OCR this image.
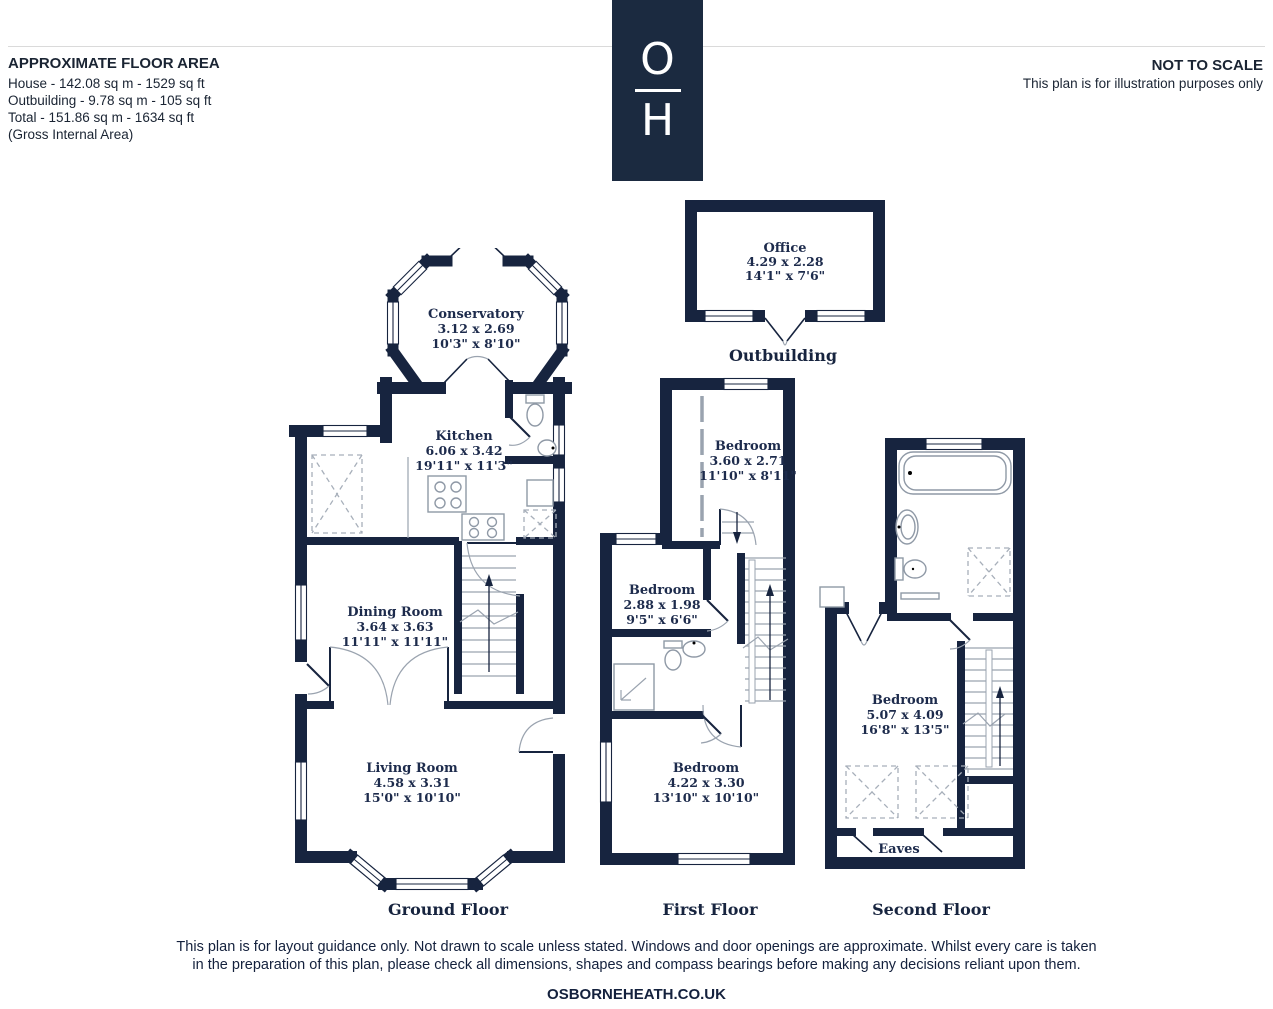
APPROXIMATE FLOOR AREA
House - 142.08 sq m - 1529 sq ft
Outbuilding - 9.78 sq m - 105 sq ft
Total - 151.86 sq m - 1634 sq ft
(Gross Internal Area)
NOT TO SCALE
This plan is for illustration purposes only
O
H
Office
4.29 x 2.28
14'1" x 7'6"
Outbuilding
Conservatory
3.12 x 2.69
10'3" x 8'10"
Kitchen
6.06 x 3.42
19'11" x 11'3"
Dining Room
3.64 x 3.63
11'11" x 11'11"
Living Room
4.58 x 3.31
15'0" x 10'10"
Ground Floor
Bedroom
3.60 x 2.71
11'10" x 8'11"
Bedroom
2.88 x 1.98
9'5" x 6'6"
Bedroom
4.22 x 3.30
13'10" x 10'10"
First Floor
Bedroom
5.07 x 4.09
16'8" x 13'5"
Eaves
Second Floor
This plan is for layout guidance only. Not drawn to scale unless stated. Windows and door openings are approximate. Whilst every care is taken
in the preparation of this plan, please check all dimensions, shapes and compass bearings before making any decisions reliant upon them.
OSBORNEHEATH.CO.UK
